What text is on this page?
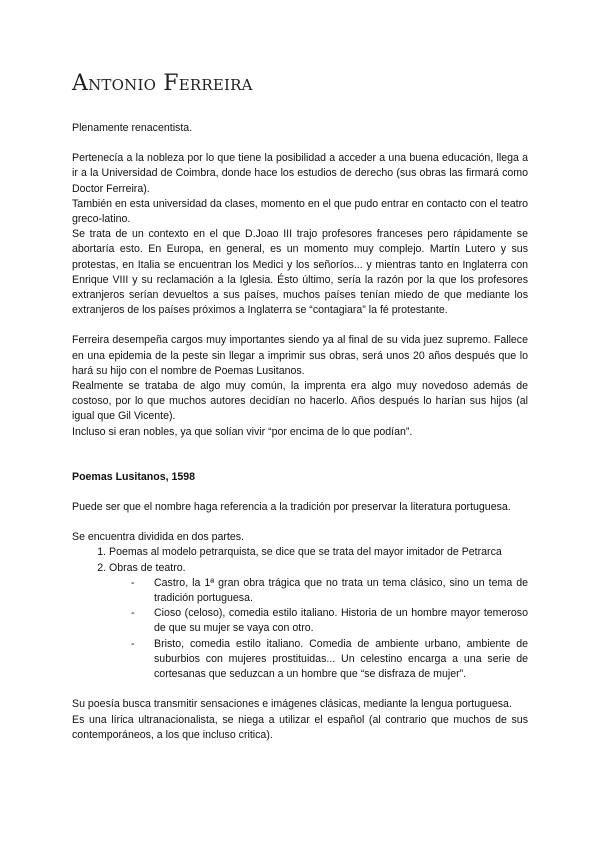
Antonio Ferreira

Plenamente renacentista.

Pertenecía a la nobleza por lo que tiene la posibilidad a acceder a una buena educación, llega a ir a la Universidad de Coimbra, donde hace los estudios de derecho (sus obras las firmará como Doctor Ferreira).

También en esta universidad da clases, momento en el que pudo entrar en contacto con el teatro greco-latino.

Se trata de un contexto en el que D.Joao III trajo profesores franceses pero rápidamente se abortaría esto. En Europa, en general, es un momento muy complejo. Martín Lutero y sus protestas, en Italia se encuentran los Medici y los señoríos... y mientras tanto en Inglaterra con Enrique VIII y su reclamación a la Iglesia. Ésto último, sería la razón por la que los profesores extranjeros serían devueltos a sus países, muchos países tenían miedo de que mediante los extranjeros de los países próximos a Inglaterra se “contagiara” la fé protestante.

Ferreira desempeña cargos muy importantes siendo ya al final de su vida juez supremo. Fallece en una epidemia de la peste sin llegar a imprimir sus obras, será unos 20 años después que lo hará su hijo con el nombre de Poemas Lusitanos.

Realmente se trataba de algo muy común, la imprenta era algo muy novedoso además de costoso, por lo que muchos autores decidían no hacerlo. Años después lo harían sus hijos (al igual que Gil Vicente).

Incluso si eran nobles, ya que solían vivir “por encima de lo que podían”.

Poemas Lusitanos, 1598

Puede ser que el nombre haga referencia a la tradición por preservar la literatura portuguesa.

Se encuentra dividida en dos partes.

1. Poemas al modelo petrarquista, se dice que se trata del mayor imitador de Petrarca
2. Obras de teatro.
- Castro, la 1ª gran obra trágica que no trata un tema clásico, sino un tema de tradición portuguesa.
- Cioso (celoso), comedia estilo italiano. Historia de un hombre mayor temeroso de que su mujer se vaya con otro.
- Bristo, comedia estilo italiano. Comedia de ambiente urbano, ambiente de suburbios con mujeres prostituidas... Un celestino encarga a una serie de cortesanas que seduzcan a un hombre que “se disfraza de mujer”.

Su poesía busca transmitir sensaciones e imágenes clásicas, mediante la lengua portuguesa.

Es una lírica ultranacionalista, se niega a utilizar el español (al contrario que muchos de sus contemporáneos, a los que incluso critica).
